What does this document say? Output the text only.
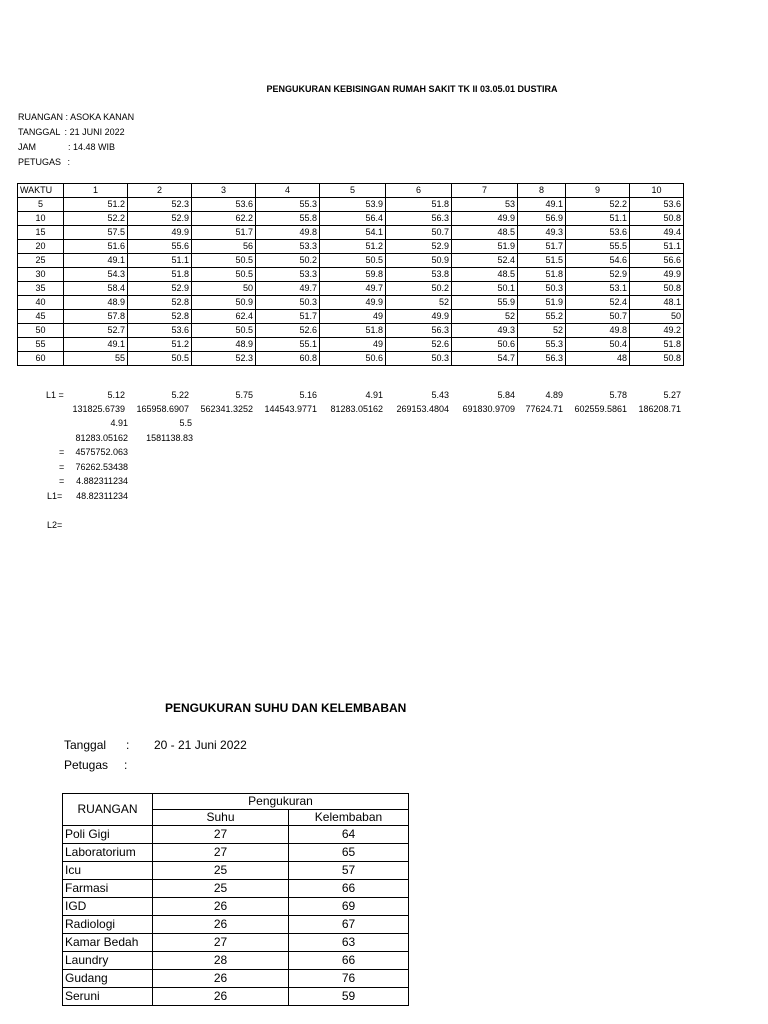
PENGUKURAN KEBISINGAN RUMAH SAKIT TK II 03.05.01 DUSTIRA
RUANGAN : ASOKA KANAN
TANGGAL : 21 JUNI 2022
JAM	: 14.48 WIB
PETUGAS :
WAKTU	1	2	3	4	5	6	7	8	9	10
5	51.2	52.3	53.6	55.3	53.9	51.8	53	49.1	52.2	53.6
10	52.2	52.9	62.2	55.8	56.4	56.3	49.9	56.9	51.1	50.8
15	57.5	49.9	51.7	49.8	54.1	50.7	48.5	49.3	53.6	49.4
20	51.6	55.6	56	53.3	51.2	52.9	51.9	51.7	55.5	51.1
25	49.1	51.1	50.5	50.2	50.5	50.9	52.4	51.5	54.6	56.6
30	54.3	51.8	50.5	53.3	59.8	53.8	48.5	51.8	52.9	49.9
35	58.4	52.9	50	49.7	49.7	50.2	50.1	50.3	53.1	50.8
40	48.9	52.8	50.9	50.3	49.9	52	55.9	51.9	52.4	48.1
45	57.8	52.8	62.4	51.7	49	49.9	52	55.2	50.7	50
50	52.7	53.6	50.5	52.6	51.8	56.3	49.3	52	49.8	49.2
55	49.1	51.2	48.9	55.1	49	52.6	50.6	55.3	50.4	51.8
60	55	50.5	52.3	60.8	50.6	50.3	54.7	56.3	48	50.8
L1 =	5.12	5.22	5.75	5.16	4.91	5.43	5.84	4.89	5.78	5.27
131825.6739	165958.6907	562341.3252	144543.9771	81283.05162	269153.4804	691830.9709	77624.71	602559.5861	186208.71
4.91	5.5
81283.05162	1581138.83
=	4575752.063
=	76262.53438
=	4.882311234
L1=	48.82311234
L2=
PENGUKURAN SUHU DAN KELEMBABAN
Tanggal : 20 - 21 Juni 2022
Petugas :
RUANGAN	Pengukuran	
	Suhu	Kelembaban
Poli Gigi	27	64
Laboratorium	27	65
Icu	25	57
Farmasi	25	66
IGD	26	69
Radiologi	26	67
Kamar Bedah	27	63
Laundry	28	66
Gudang	26	76
Seruni	26	59
